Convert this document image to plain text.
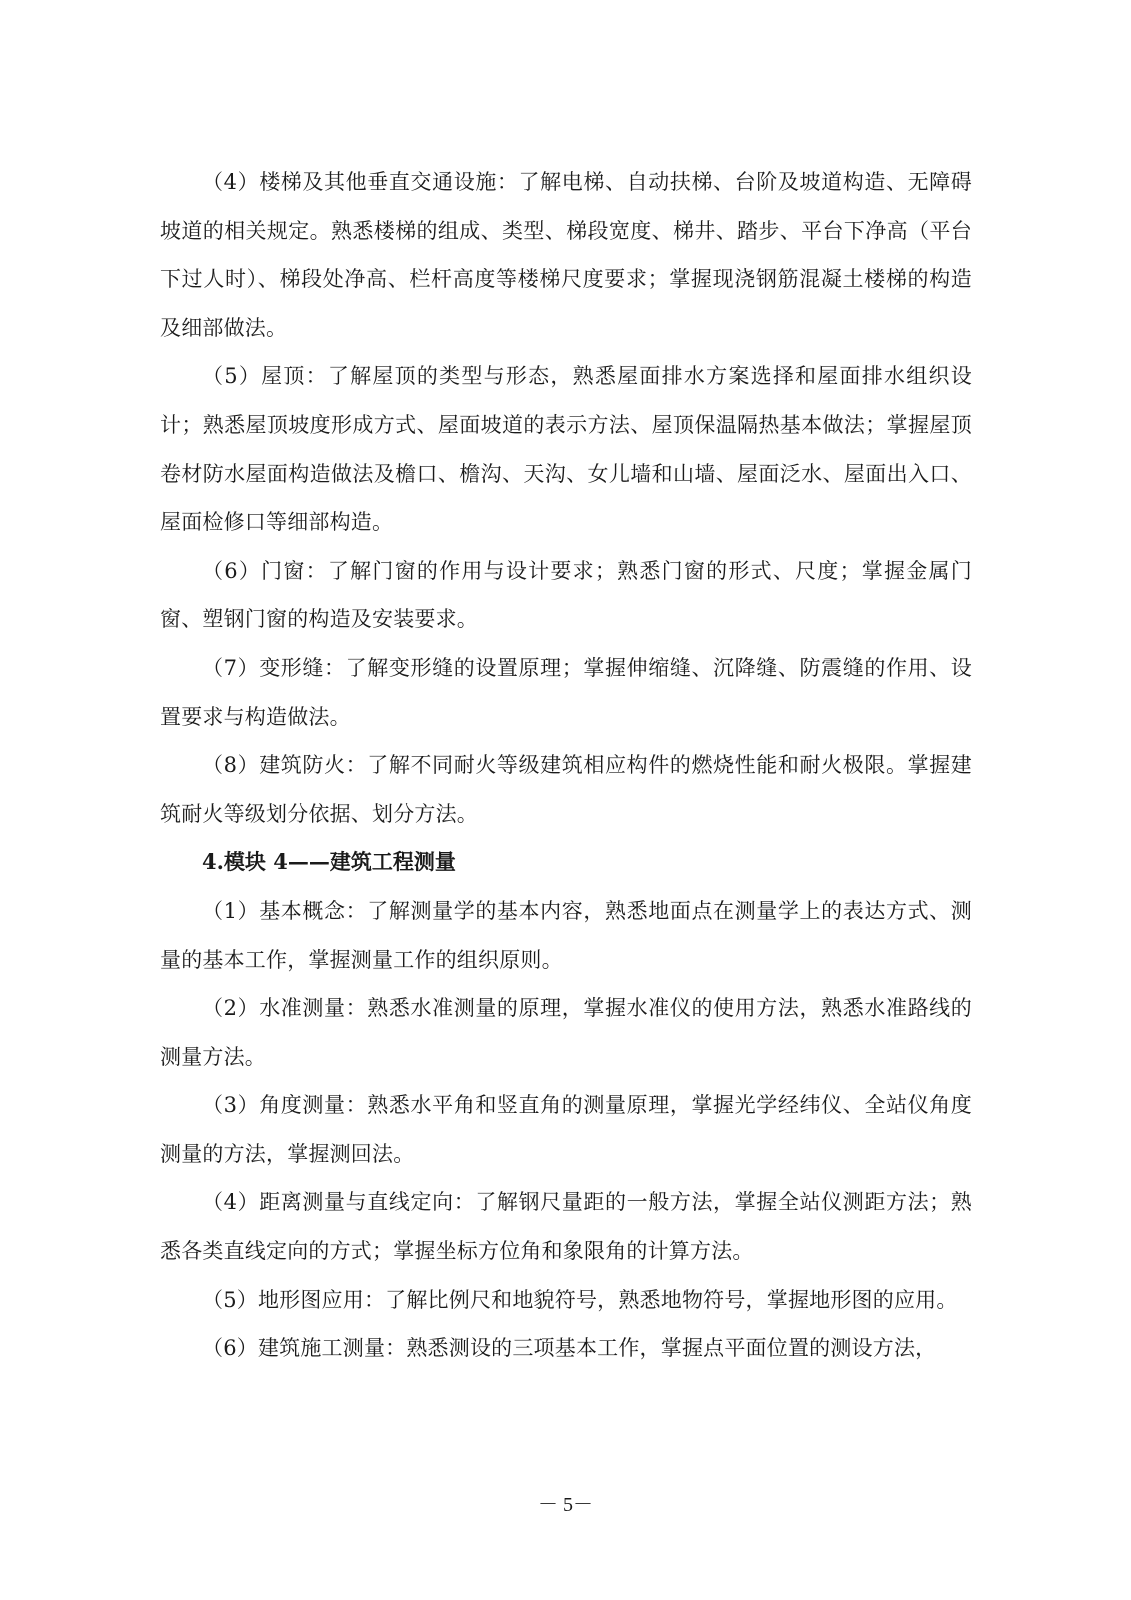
（4）楼梯及其他垂直交通设施：了解电梯、自动扶梯、台阶及坡道构造、无障碍坡道的相关规定。熟悉楼梯的组成、类型、梯段宽度、梯井、踏步、平台下净高（平台下过人时）、梯段处净高、栏杆高度等楼梯尺度要求；掌握现浇钢筋混凝土楼梯的构造及细部做法。

（5）屋顶：了解屋顶的类型与形态，熟悉屋面排水方案选择和屋面排水组织设计；熟悉屋顶坡度形成方式、屋面坡道的表示方法、屋顶保温隔热基本做法；掌握屋顶卷材防水屋面构造做法及檐口、檐沟、天沟、女儿墙和山墙、屋面泛水、屋面出入口、屋面检修口等细部构造。

（6）门窗：了解门窗的作用与设计要求；熟悉门窗的形式、尺度；掌握金属门窗、塑钢门窗的构造及安装要求。

（7）变形缝：了解变形缝的设置原理；掌握伸缩缝、沉降缝、防震缝的作用、设置要求与构造做法。

（8）建筑防火：了解不同耐火等级建筑相应构件的燃烧性能和耐火极限。掌握建筑耐火等级划分依据、划分方法。

4.模块 4——建筑工程测量

（1）基本概念：了解测量学的基本内容，熟悉地面点在测量学上的表达方式、测量的基本工作，掌握测量工作的组织原则。

（2）水准测量：熟悉水准测量的原理，掌握水准仪的使用方法，熟悉水准路线的测量方法。

（3）角度测量：熟悉水平角和竖直角的测量原理，掌握光学经纬仪、全站仪角度测量的方法，掌握测回法。

（4）距离测量与直线定向：了解钢尺量距的一般方法，掌握全站仪测距方法；熟悉各类直线定向的方式；掌握坐标方位角和象限角的计算方法。

（5）地形图应用：了解比例尺和地貌符号，熟悉地物符号，掌握地形图的应用。

（6）建筑施工测量：熟悉测设的三项基本工作，掌握点平面位置的测设方法，

－ 5－
